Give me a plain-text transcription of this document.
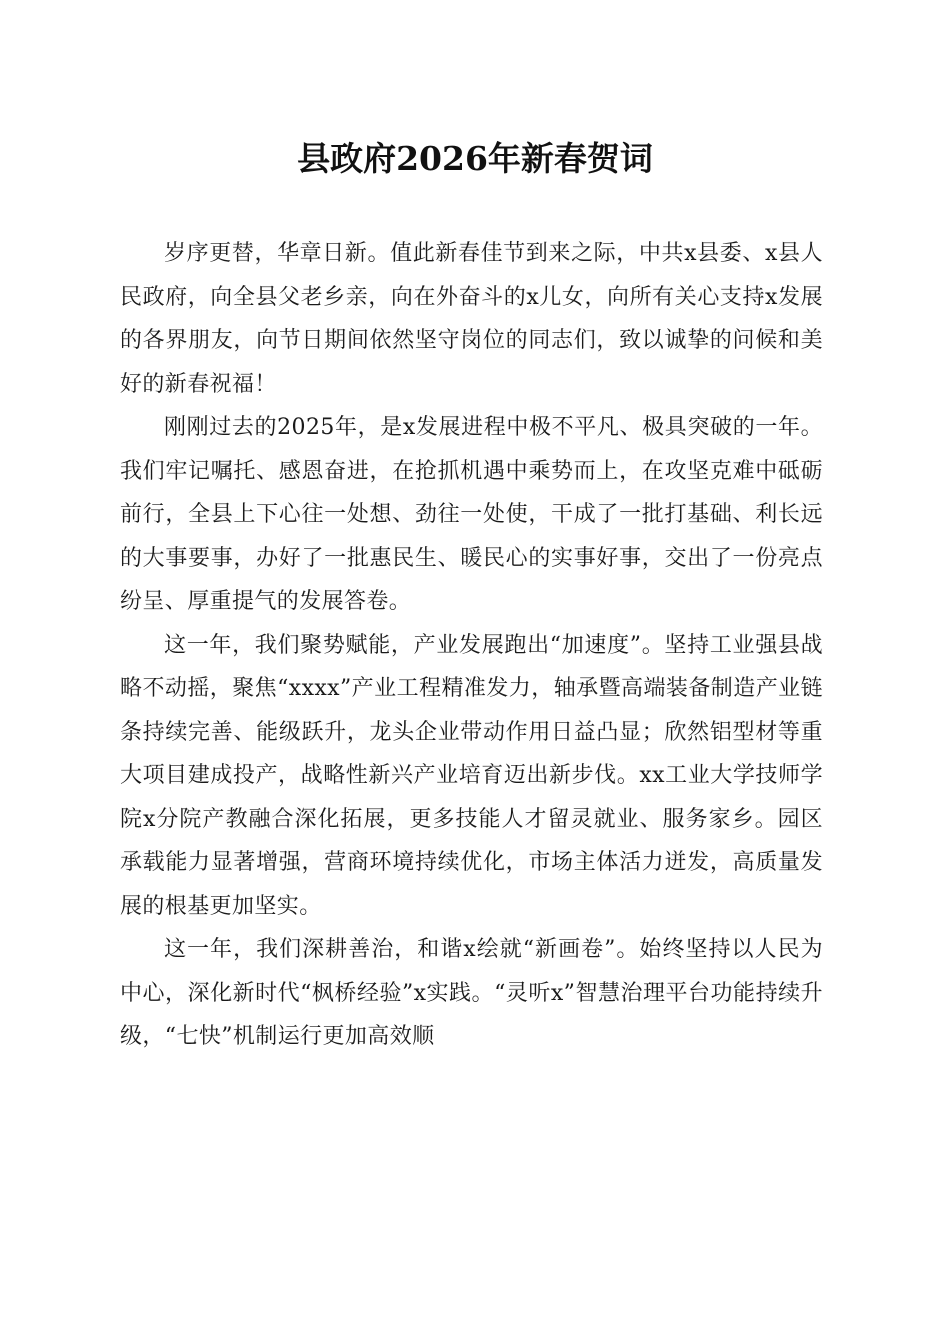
县政府2026年新春贺词

岁序更替，华章日新。值此新春佳节到来之际，中共x县委、x县人民政府，向全县父老乡亲，向在外奋斗的x儿女，向所有关心支持x发展的各界朋友，向节日期间依然坚守岗位的同志们，致以诚挚的问候和美好的新春祝福！

刚刚过去的2025年，是x发展进程中极不平凡、极具突破的一年。我们牢记嘱托、感恩奋进，在抢抓机遇中乘势而上，在攻坚克难中砥砺前行，全县上下心往一处想、劲往一处使，干成了一批打基础、利长远的大事要事，办好了一批惠民生、暖民心的实事好事，交出了一份亮点纷呈、厚重提气的发展答卷。

这一年，我们聚势赋能，产业发展跑出“加速度”。坚持工业强县战略不动摇，聚焦“xxxx”产业工程精准发力，轴承暨高端装备制造产业链条持续完善、能级跃升，龙头企业带动作用日益凸显；欣然铝型材等重大项目建成投产，战略性新兴产业培育迈出新步伐。xx工业大学技师学院x分院产教融合深化拓展，更多技能人才留灵就业、服务家乡。园区承载能力显著增强，营商环境持续优化，市场主体活力迸发，高质量发展的根基更加坚实。

这一年，我们深耕善治，和谐x绘就“新画卷”。始终坚持以人民为中心，深化新时代“枫桥经验”x实践。“灵听x”智慧治理平台功能持续升级，“七快”机制运行更加高效顺
